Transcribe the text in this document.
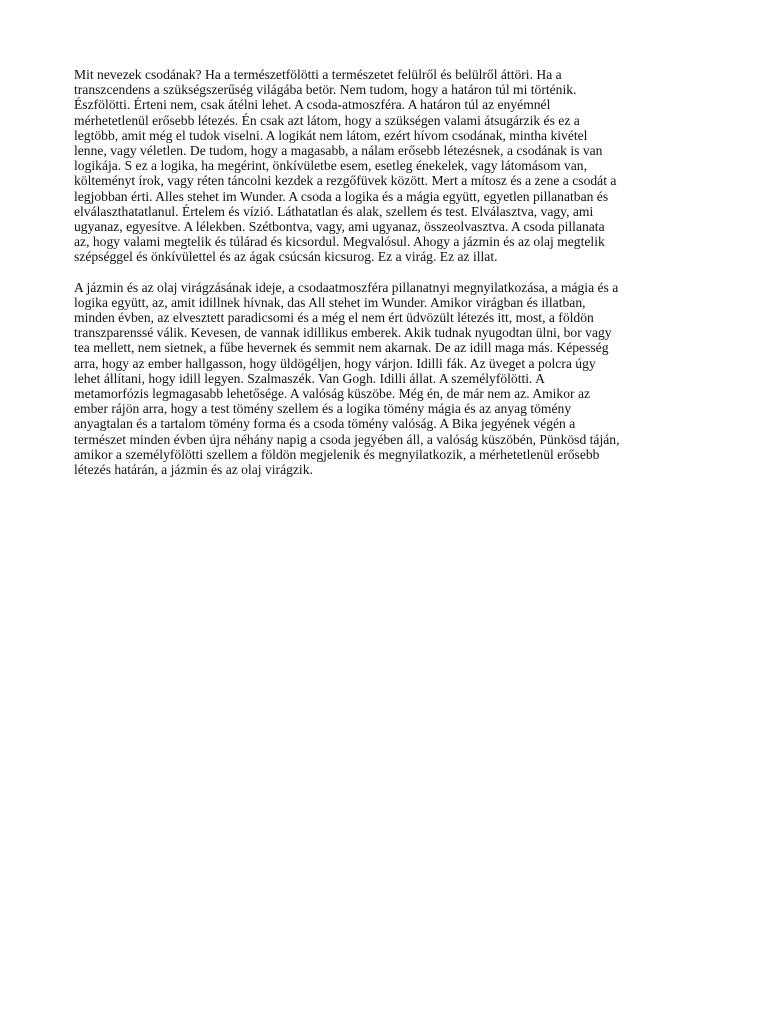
Mit nevezek csodának? Ha a természetfölötti a természetet felülről és belülről áttöri. Ha a
transzcendens a szükségszerűség világába betör. Nem tudom, hogy a határon túl mi történik.
Észfölötti. Érteni nem, csak átélni lehet. A csoda-atmoszféra. A határon túl az enyémnél
mérhetetlenül erősebb létezés. Én csak azt látom, hogy a szükségen valami átsugárzik és ez a
legtöbb, amit még el tudok viselni. A logikát nem látom, ezért hívom csodának, mintha kivétel
lenne, vagy véletlen. De tudom, hogy a magasabb, a nálam erősebb létezésnek, a csodának is van
logikája. S ez a logika, ha megérint, önkívületbe esem, esetleg énekelek, vagy látomásom van,
költeményt írok, vagy réten táncolni kezdek a rezgőfüvek között. Mert a mítosz és a zene a csodát a
legjobban érti. Alles stehet im Wunder. A csoda a logika és a mágia együtt, egyetlen pillanatban és
elválaszthatatlanul. Értelem és vízió. Láthatatlan és alak, szellem és test. Elválasztva, vagy, ami
ugyanaz, egyesítve. A lélekben. Szétbontva, vagy, ami ugyanaz, összeolvasztva. A csoda pillanata
az, hogy valami megtelik és túlárad és kicsordul. Megvalósul. Ahogy a jázmin és az olaj megtelik
szépséggel és önkívülettel és az ágak csúcsán kicsurog. Ez a virág. Ez az illat.
A jázmin és az olaj virágzásának ideje, a csodaatmoszféra pillanatnyi megnyilatkozása, a mágia és a
logika együtt, az, amit idillnek hívnak, das All stehet im Wunder. Amikor virágban és illatban,
minden évben, az elvesztett paradicsomi és a még el nem ért üdvözült létezés itt, most, a földön
transzparenssé válik. Kevesen, de vannak idillikus emberek. Akik tudnak nyugodtan ülni, bor vagy
tea mellett, nem sietnek, a fűbe hevernek és semmit nem akarnak. De az idill maga más. Képesség
arra, hogy az ember hallgasson, hogy üldögéljen, hogy várjon. Idilli fák. Az üveget a polcra úgy
lehet állítani, hogy idill legyen. Szalmaszék. Van Gogh. Idilli állat. A személyfölötti. A
metamorfózis legmagasabb lehetősége. A valóság küszöbe. Még én, de már nem az. Amikor az
ember rájön arra, hogy a test tömény szellem és a logika tömény mágia és az anyag tömény
anyagtalan és a tartalom tömény forma és a csoda tömény valóság. A Bika jegyének végén a
természet minden évben újra néhány napig a csoda jegyében áll, a valóság küszöbén, Pünkösd táján,
amikor a személyfölötti szellem a földön megjelenik és megnyilatkozik, a mérhetetlenül erősebb
létezés határán, a jázmin és az olaj virágzik.
